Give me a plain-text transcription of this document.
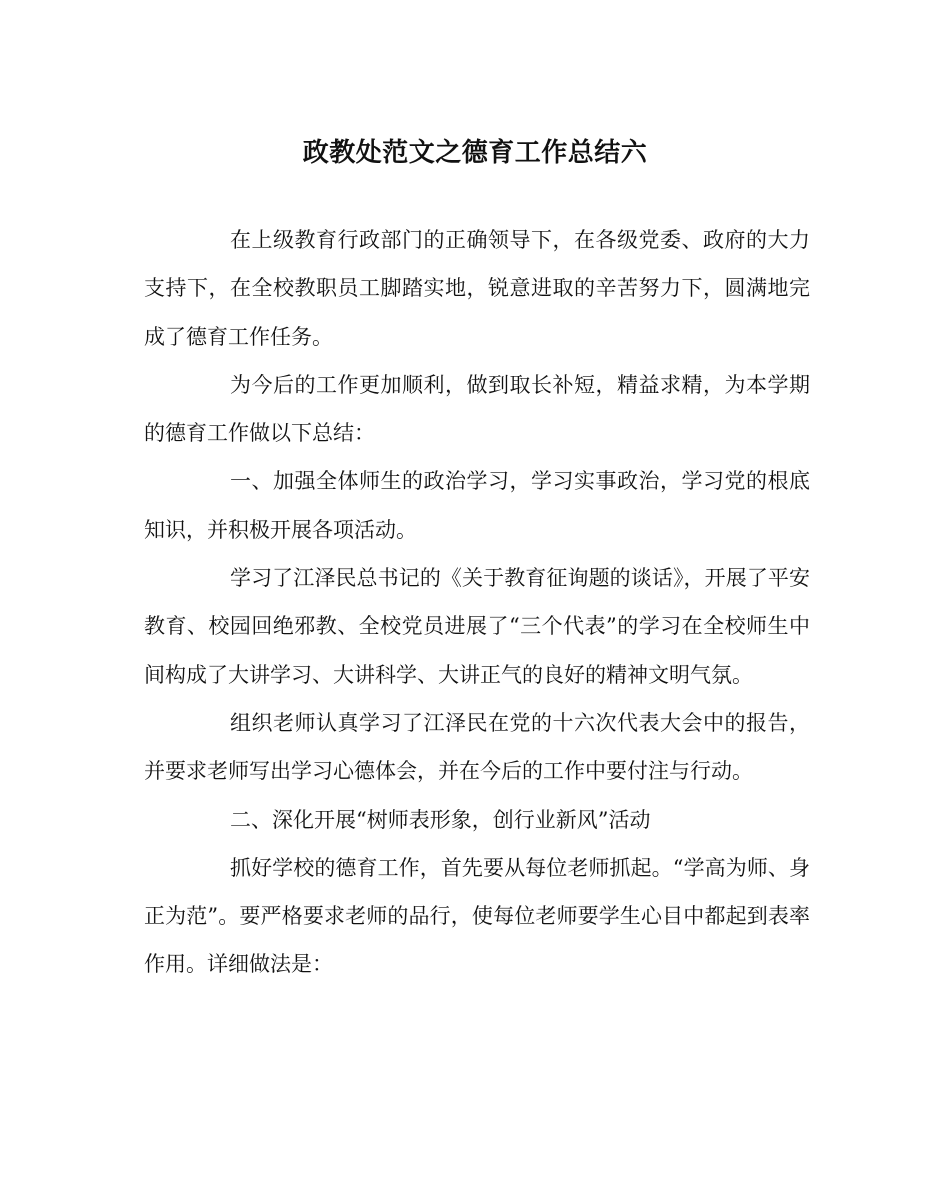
政教处范文之德育工作总结六

在上级教育行政部门的正确领导下，在各级党委、政府的大力支持下，在全校教职员工脚踏实地，锐意进取的辛苦努力下，圆满地完成了德育工作任务。

为今后的工作更加顺利，做到取长补短，精益求精，为本学期的德育工作做以下总结：

一、加强全体师生的政治学习，学习实事政治，学习党的根底知识，并积极开展各项活动。

学习了江泽民总书记的《关于教育征询题的谈话》，开展了平安教育、校园回绝邪教、全校党员进展了“三个代表”的学习在全校师生中间构成了大讲学习、大讲科学、大讲正气的良好的精神文明气氛。

组织老师认真学习了江泽民在党的十六次代表大会中的报告，并要求老师写出学习心德体会，并在今后的工作中要付注与行动。

二、深化开展“树师表形象，创行业新风”活动

抓好学校的德育工作，首先要从每位老师抓起。“学高为师、身正为范”。要严格要求老师的品行，使每位老师要学生心目中都起到表率作用。详细做法是：
